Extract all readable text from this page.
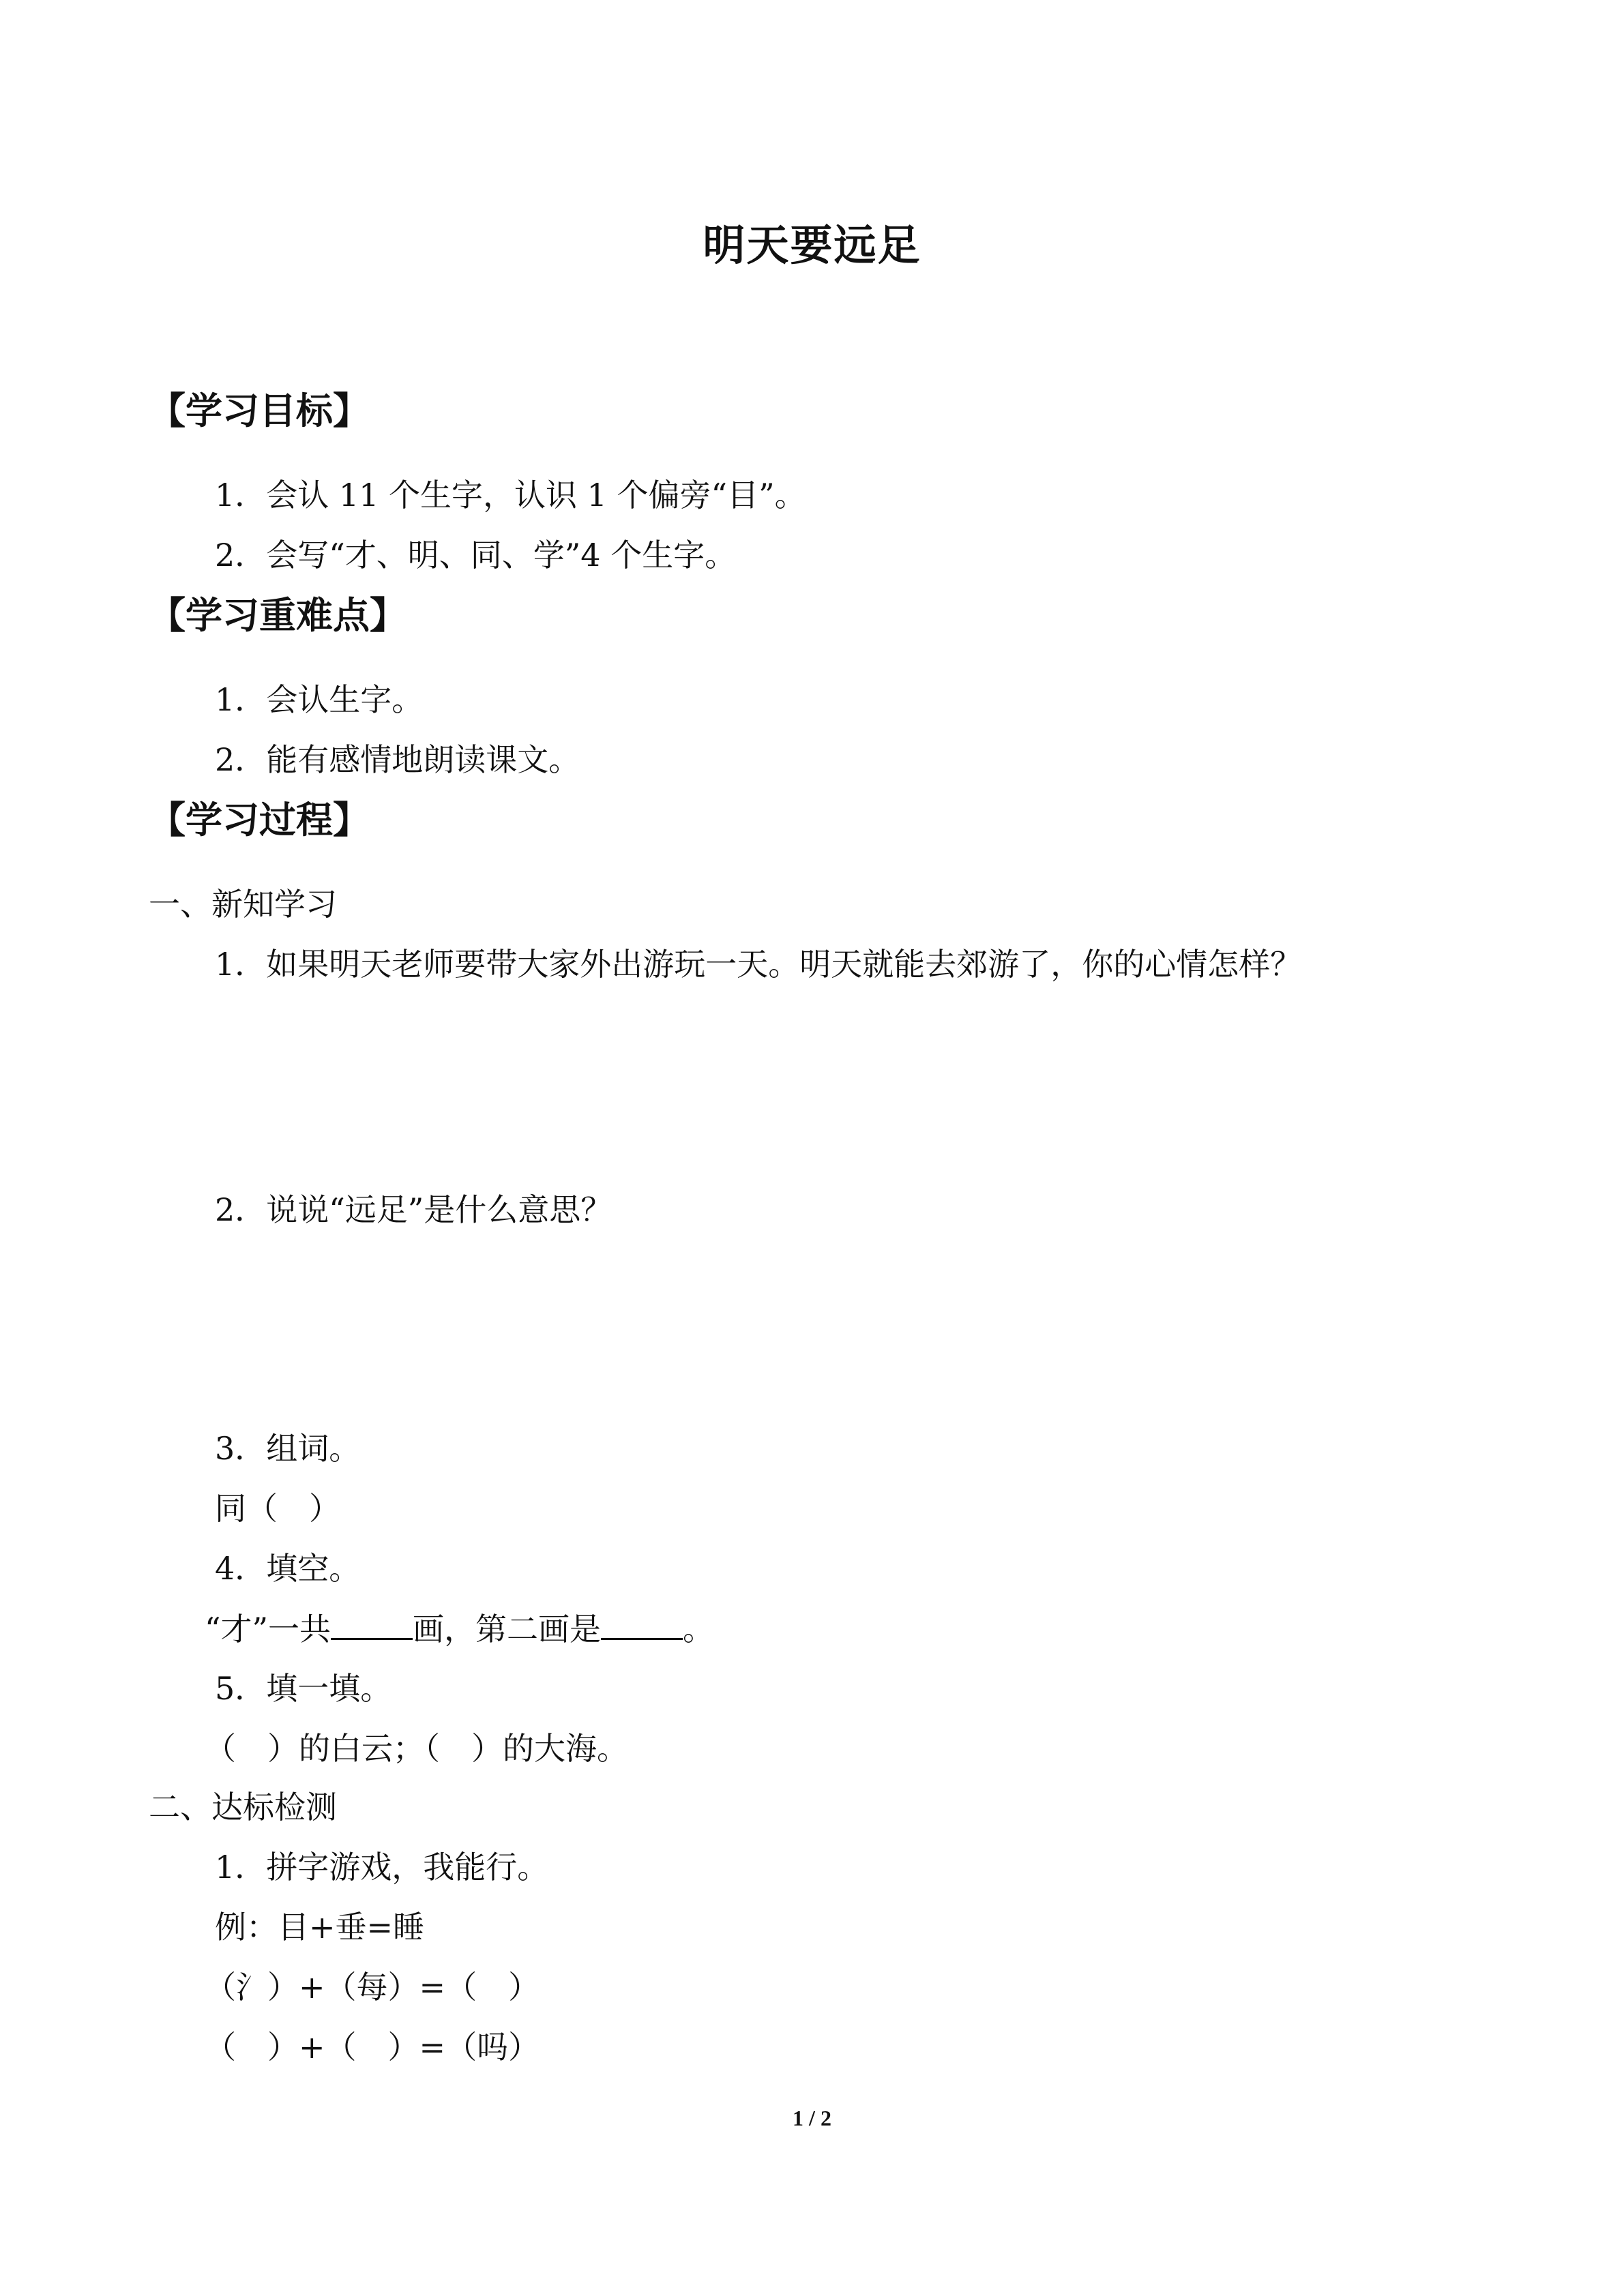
明天要远足
【学习目标】
1．会认 11 个生字，认识 1 个偏旁“目”。
2．会写“才、明、同、学”4 个生字。
【学习重难点】
1．会认生字。
2．能有感情地朗读课文。
【学习过程】
一、新知学习
1．如果明天老师要带大家外出游玩一天。明天就能去郊游了，你的心情怎样？
2．说说“远足”是什么意思？
3．组词。
同（　）
4．填空。
“才”一共	画，第二画是	。
5．填一填。
（　）的白云；（　）的大海。
二、达标检测
1．拼字游戏，我能行。
例：目+垂=睡
（氵）+（每）=（　）
（　）+（　）=（吗）
1 / 2
